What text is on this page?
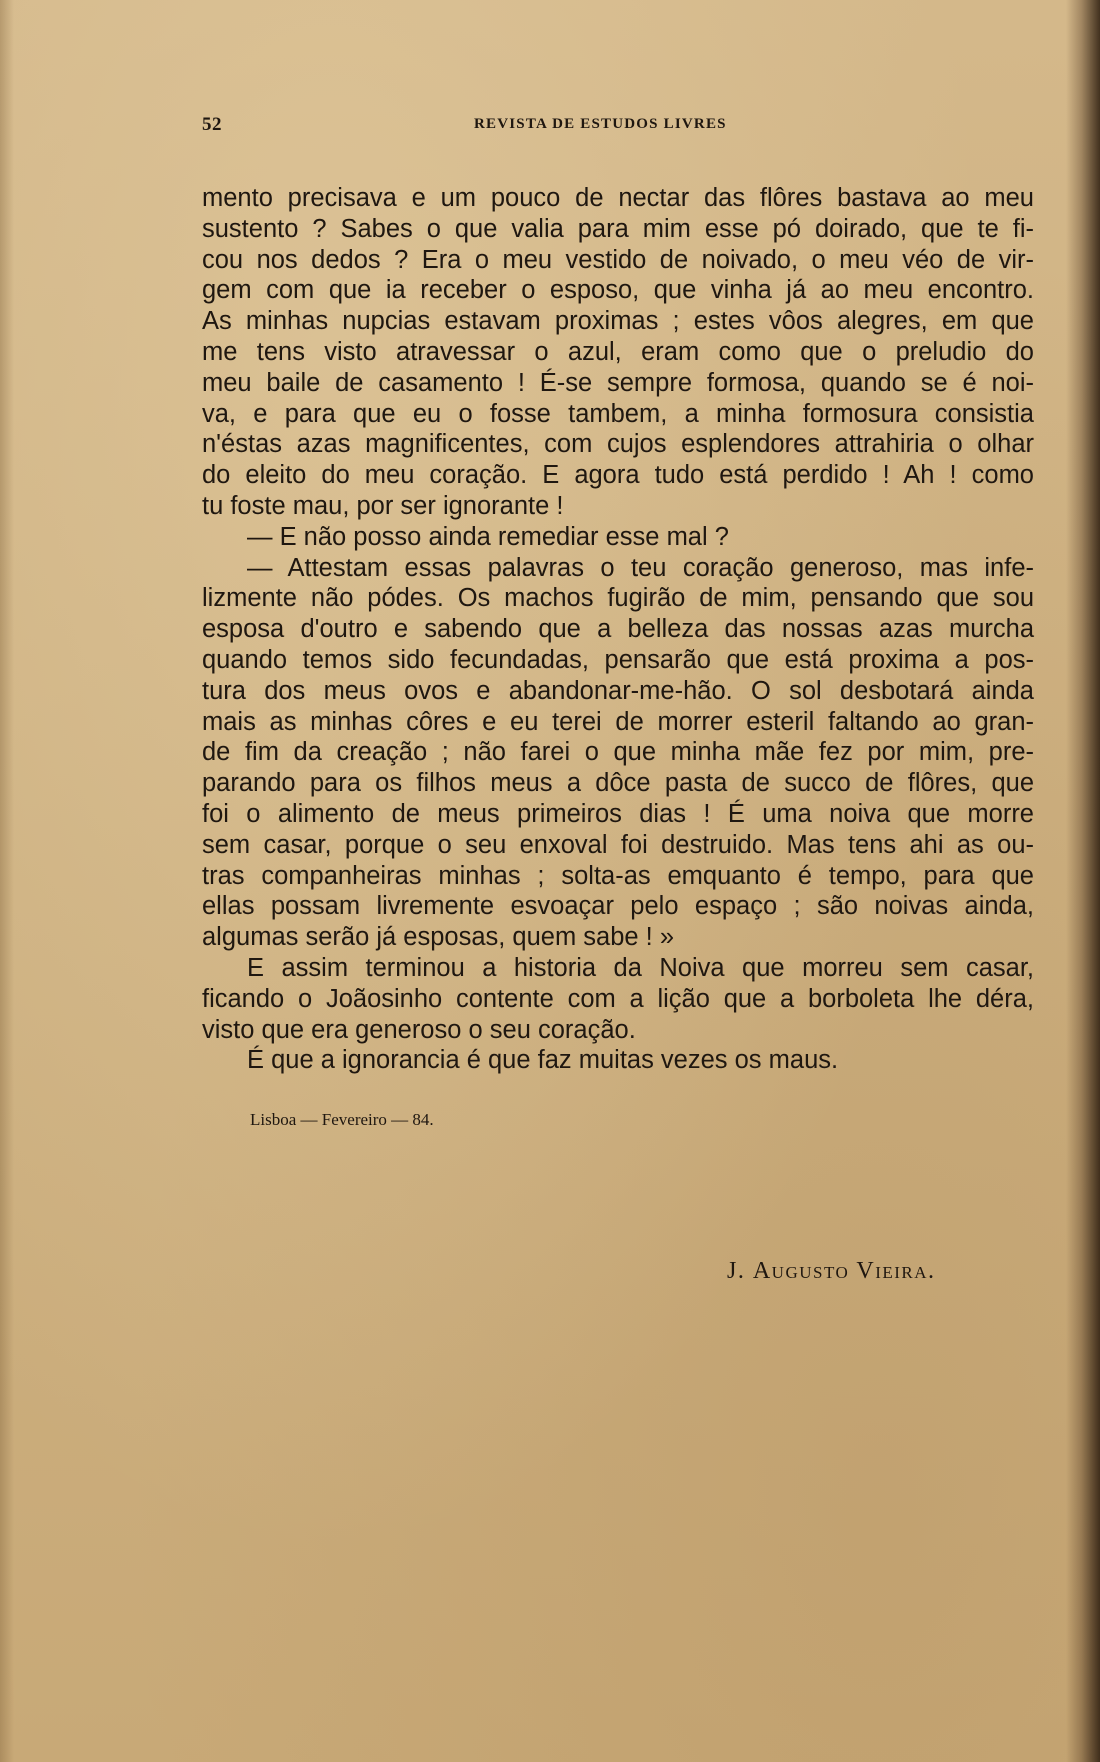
52	REVISTA DE ESTUDOS LIVRES
mento precisava e um pouco de nectar das flôres bastava ao meu
sustento ? Sabes o que valia para mim esse pó doirado, que te fi-
cou nos dedos ? Era o meu vestido de noivado, o meu véo de vir-
gem com que ia receber o esposo, que vinha já ao meu encontro.
As minhas nupcias estavam proximas ; estes vôos alegres, em que
me tens visto atravessar o azul, eram como que o preludio do
meu baile de casamento ! É-se sempre formosa, quando se é noi-
va, e para que eu o fosse tambem, a minha formosura consistia
n'éstas azas magnificentes, com cujos esplendores attrahiria o olhar
do eleito do meu coração. E agora tudo está perdido ! Ah ! como
tu foste mau, por ser ignorante !
— E não posso ainda remediar esse mal ?
— Attestam essas palavras o teu coração generoso, mas infe-
lizmente não pódes. Os machos fugirão de mim, pensando que sou
esposa d'outro e sabendo que a belleza das nossas azas murcha
quando temos sido fecundadas, pensarão que está proxima a pos-
tura dos meus ovos e abandonar-me-hão. O sol desbotará ainda
mais as minhas côres e eu terei de morrer esteril faltando ao gran-
de fim da creação ; não farei o que minha mãe fez por mim, pre-
parando para os filhos meus a dôce pasta de succo de flôres, que
foi o alimento de meus primeiros dias ! É uma noiva que morre
sem casar, porque o seu enxoval foi destruido. Mas tens ahi as ou-
tras companheiras minhas ; solta-as emquanto é tempo, para que
ellas possam livremente esvoaçar pelo espaço ; são noivas ainda,
algumas serão já esposas, quem sabe ! »
E assim terminou a historia da Noiva que morreu sem casar,
ficando o Joãosinho contente com a lição que a borboleta lhe déra,
visto que era generoso o seu coração.
É que a ignorancia é que faz muitas vezes os maus.
Lisboa — Fevereiro — 84.
J. Augusto Vieira.
